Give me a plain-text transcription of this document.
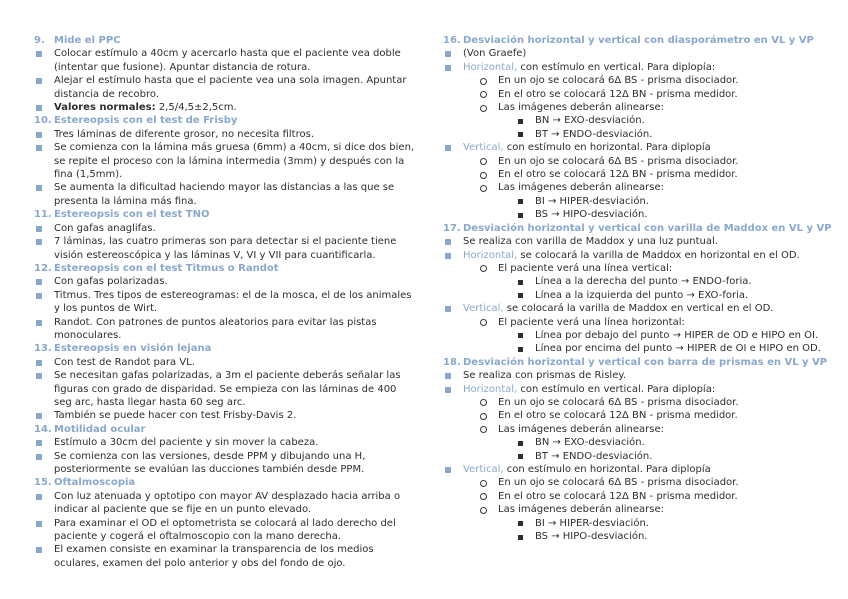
9. Mide el PPC
Colocar estímulo a 40cm y acercarlo hasta que el paciente vea doble
(intentar que fusione). Apuntar distancia de rotura.
Alejar el estímulo hasta que el paciente vea una sola imagen. Apuntar
distancia de recobro.
Valores normales: 2,5/4,5±2,5cm.
10. Estereopsis con el test de Frisby
Tres láminas de diferente grosor, no necesita filtros.
Se comienza con la lámina más gruesa (6mm) a 40cm, si dice dos bien,
se repite el proceso con la lámina intermedia (3mm) y después con la
fina (1,5mm).
Se aumenta la dificultad haciendo mayor las distancias a las que se
presenta la lámina más fina.
11. Estereopsis con el test TNO
Con gafas anaglifas.
7 láminas, las cuatro primeras son para detectar si el paciente tiene
visión estereoscópica y las láminas V, VI y VII para cuantificarla.
12. Estereopsis con el test Titmus o Randot
Con gafas polarizadas.
Titmus. Tres tipos de estereogramas: el de la mosca, el de los animales
y los puntos de Wirt.
Randot. Con patrones de puntos aleatorios para evitar las pistas
monoculares.
13. Estereopsis en visión lejana
Con test de Randot para VL.
Se necesitan gafas polarizadas, a 3m el paciente deberás señalar las
figuras con grado de disparidad. Se empieza con las láminas de 400
seg arc, hasta llegar hasta 60 seg arc.
También se puede hacer con test Frisby-Davis 2.
14. Motilidad ocular
Estímulo a 30cm del paciente y sin mover la cabeza.
Se comienza con las versiones, desde PPM y dibujando una H,
posteriormente se evalúan las ducciones también desde PPM.
15. Oftalmoscopia
Con luz atenuada y optotipo con mayor AV desplazado hacia arriba o
indicar al paciente que se fije en un punto elevado.
Para examinar el OD el optometrista se colocará al lado derecho del
paciente y cogerá el oftalmoscopio con la mano derecha.
El examen consiste en examinar la transparencia de los medios
oculares, examen del polo anterior y obs del fondo de ojo.
16. Desviación horizontal y vertical con diasporámetro en VL y VP
(Von Graefe)
Horizontal, con estímulo en vertical. Para diplopía:
En un ojo se colocará 6Δ BS - prisma disociador.
En el otro se colocará 12Δ BN - prisma medidor.
Las imágenes deberán alinearse:
BN → EXO-desviación.
BT → ENDO-desviación.
Vertical, con estímulo en horizontal. Para diplopía
En un ojo se colocará 6Δ BS - prisma disociador.
En el otro se colocará 12Δ BN - prisma medidor.
Las imágenes deberán alinearse:
BI → HIPER-desviación.
BS → HIPO-desviación.
17. Desviación horizontal y vertical con varilla de Maddox en VL y VP
Se realiza con varilla de Maddox y una luz puntual.
Horizontal, se colocará la varilla de Maddox en horizontal en el OD.
El paciente verá una línea vertical:
Línea a la derecha del punto → ENDO-foria.
Línea a la izquierda del punto → EXO-foria.
Vertical, se colocará la varilla de Maddox en vertical en el OD.
El paciente verá una línea horizontal:
Línea por debajo del punto → HIPER de OD e HIPO en OI.
Línea por encima del punto → HIPER de OI e HIPO en OD.
18. Desviación horizontal y vertical con barra de prismas en VL y VP
Se realiza con prismas de Risley.
Horizontal, con estímulo en vertical. Para diplopía:
En un ojo se colocará 6Δ BS - prisma disociador.
En el otro se colocará 12Δ BN - prisma medidor.
Las imágenes deberán alinearse:
BN → EXO-desviación.
BT → ENDO-desviación.
Vertical, con estímulo en horizontal. Para diplopía
En un ojo se colocará 6Δ BS - prisma disociador.
En el otro se colocará 12Δ BN - prisma medidor.
Las imágenes deberán alinearse:
BI → HIPER-desviación.
BS → HIPO-desviación.
